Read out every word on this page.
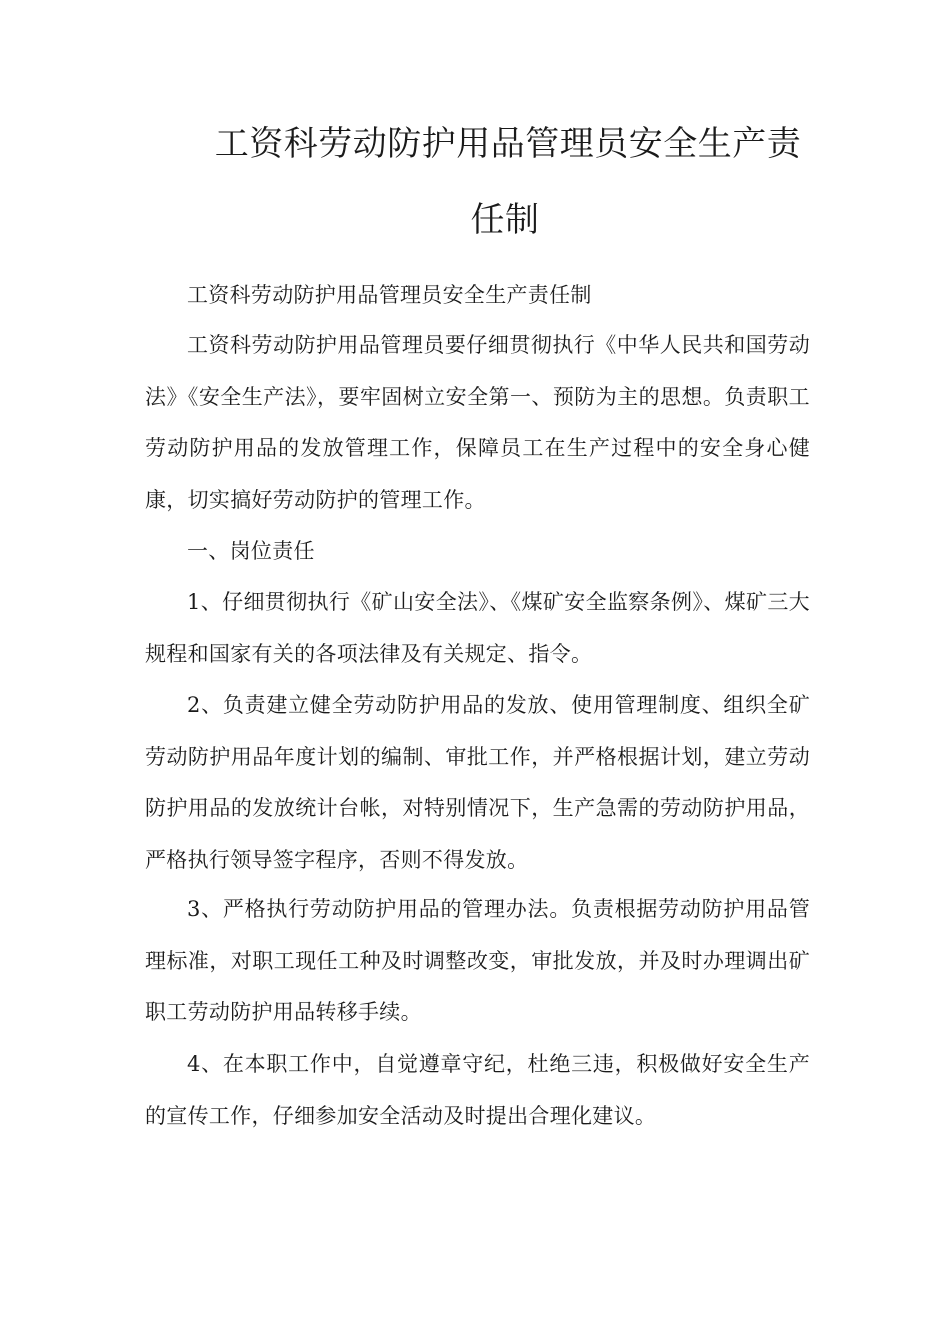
工资科劳动防护用品管理员安全生产责
任制

工资科劳动防护用品管理员安全生产责任制

工资科劳动防护用品管理员要仔细贯彻执行《中华人民共和国劳动法》《安全生产法》，要牢固树立安全第一、预防为主的思想。负责职工劳动防护用品的发放管理工作，保障员工在生产过程中的安全身心健康，切实搞好劳动防护的管理工作。

一、岗位责任

1、仔细贯彻执行《矿山安全法》、《煤矿安全监察条例》、煤矿三大规程和国家有关的各项法律及有关规定、指令。

2、负责建立健全劳动防护用品的发放、使用管理制度、组织全矿劳动防护用品年度计划的编制、审批工作，并严格根据计划，建立劳动防护用品的发放统计台帐，对特别情况下，生产急需的劳动防护用品，严格执行领导签字程序，否则不得发放。

3、严格执行劳动防护用品的管理办法。负责根据劳动防护用品管理标准，对职工现任工种及时调整改变，审批发放，并及时办理调出矿职工劳动防护用品转移手续。

4、在本职工作中，自觉遵章守纪，杜绝三违，积极做好安全生产的宣传工作，仔细参加安全活动及时提出合理化建议。
